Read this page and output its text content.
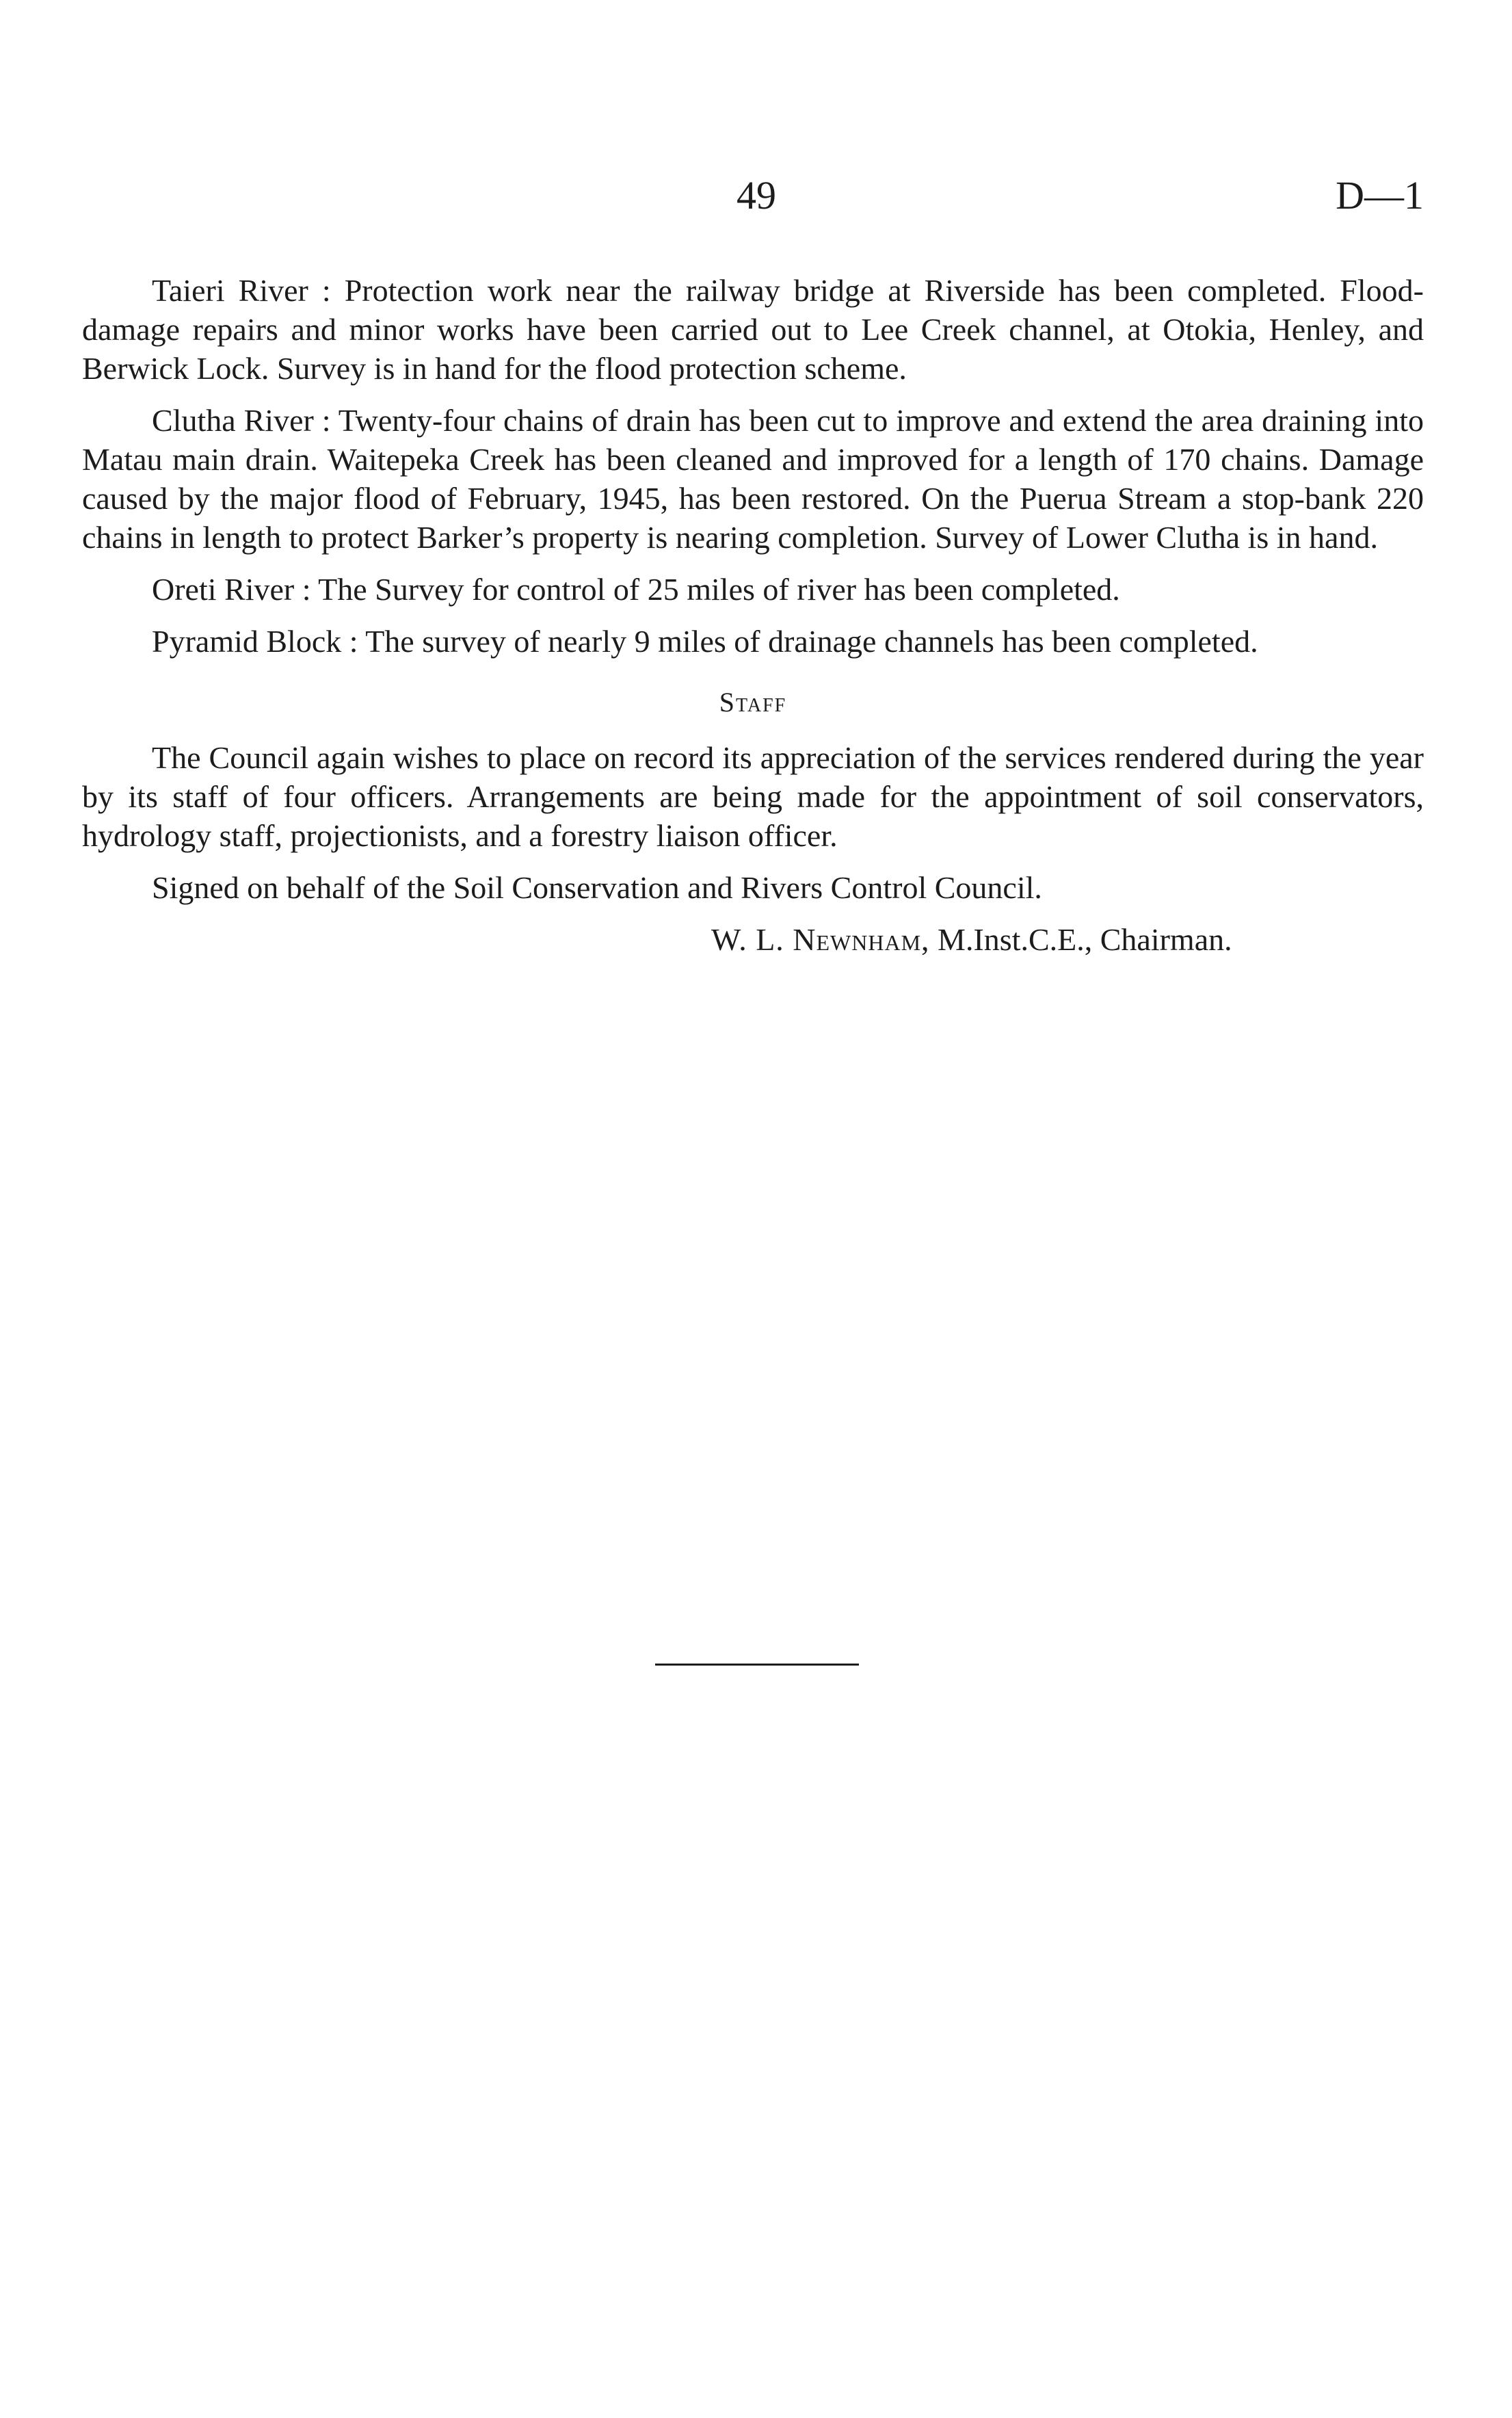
49	D—1

Taieri River : Protection work near the railway bridge at Riverside has been completed. Flood-damage repairs and minor works have been carried out to Lee Creek channel, at Otokia, Henley, and Berwick Lock. Survey is in hand for the flood protection scheme.

Clutha River : Twenty-four chains of drain has been cut to improve and extend the area draining into Matau main drain. Waitepeka Creek has been cleaned and improved for a length of 170 chains. Damage caused by the major flood of February, 1945, has been restored. On the Puerua Stream a stop-bank 220 chains in length to protect Barker’s property is nearing completion. Survey of Lower Clutha is in hand.

Oreti River : The Survey for control of 25 miles of river has been completed.

Pyramid Block : The survey of nearly 9 miles of drainage channels has been completed.

Staff

The Council again wishes to place on record its appreciation of the services rendered during the year by its staff of four officers. Arrangements are being made for the appointment of soil conservators, hydrology staff, projectionists, and a forestry liaison officer.

Signed on behalf of the Soil Conservation and Rivers Control Council.

W. L. Newnham, M.Inst.C.E., Chairman.
